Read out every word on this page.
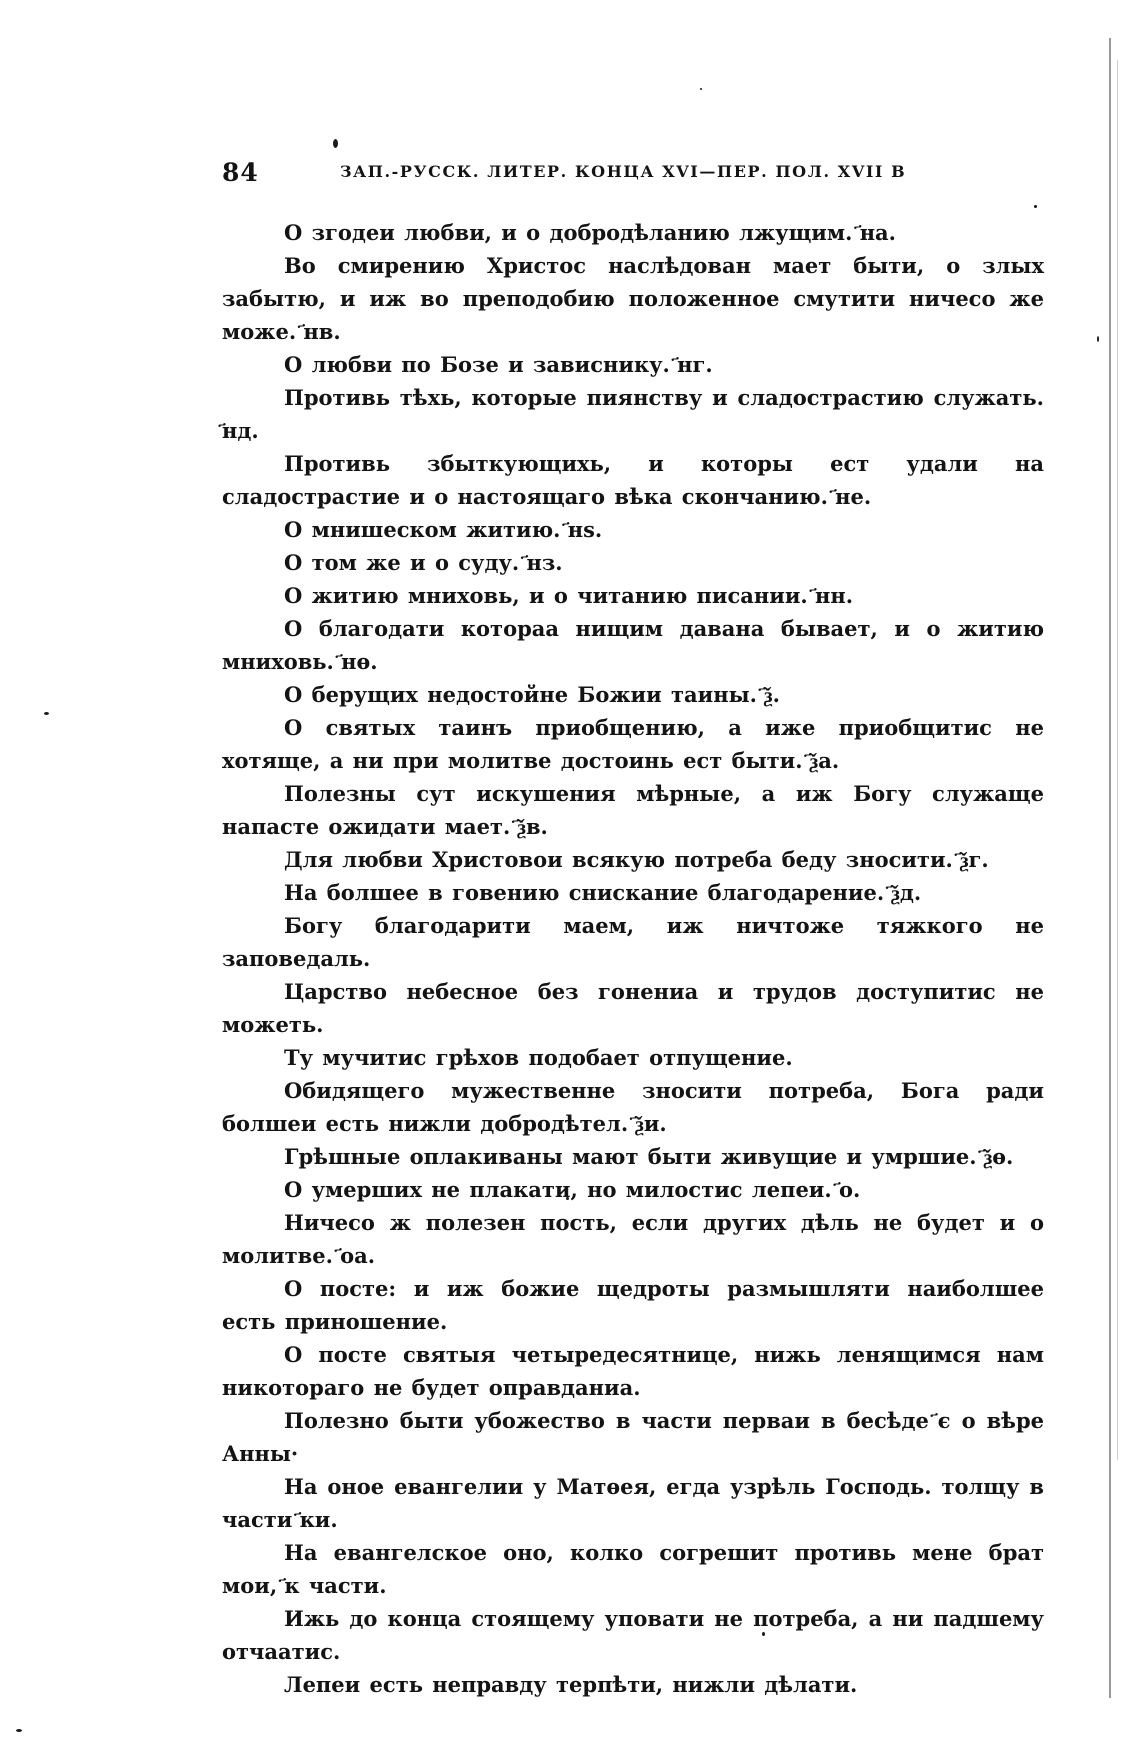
84	ЗАП.-РУССК. ЛИТЕР. КОНЦА XVI—ПЕР. ПОЛ. XVII В

О згодеи любви, и о добродѣланию лжущим. ҃на.

Во смирению Христос наслѣдован мает быти, о злых забытю, и иж во преподобию положенное смутити ничесо же може. ҃нв.

О любви по Бозе и зависнику. ҃нг.

Противь тѣхь, которые пиянству и сладострастию служать. ҃нд.

Противь збыткующихь, и которы ест удали на сладострастие и о настоящаго вѣка скончанию. ҃не.

О мнишеском житию. ҃нѕ.

О том же и о суду. ҃нз.

О житию мниховь, и о читанию писании. ҃нн.

О благодати котораа нищим давана бывает, и о житию мниховь. ҃нѳ.

О берущих недостойне Божии таины. ҃ѯ.

О святых таинъ приобщению, а иже приобщитис не хотяще, а ни при молитве достоинь ест быти. ҃ѯа.

Полезны сут искушения мѣрные, а иж Богу служаще напасте ожидати мает. ҃ѯв.

Для любви Христовои всякую потреба беду зносити. ҃ѯг.

На болшее в говению снискание благодарение. ҃ѯд.

Богу благодарити маем, иж ничтоже тяжкого не заповедаль.

Царство небесное без гонениа и трудов доступитис не можеть.

Ту мучитис грѣхов подобает отпущение.

Обидящего мужественне зносити потреба, Бога ради болшеи есть нижли добродѣтел. ҃ѯи.

Грѣшные оплакиваны мают быти живущие и умршие. ҃ѯѳ.

О умерших не плакати, но милостис лепеи. ҃о.

Ничесо ж полезен пость, если других дѣль не будет и о молитве. ҃оа.

О посте: и иж божие щедроты размышляти наиболшее есть приношение.

О посте святыя четыредесятнице, нижь ленящимся нам никотораго не будет оправданиа.

Полезно быти убожество в части перваи в бесѣде ҃є о вѣре Анны·

На оное евангелии у Матѳея, егда узрѣль Господь. толщу в части ҃ки.

На евангелское оно, колко согрешит противь мене брат мои, ҃к части.

Ижь до конца стоящему уповати не потреба, а ни падшему отчаатис.

Лепеи есть неправду терпѣти, нижли дѣлати.
